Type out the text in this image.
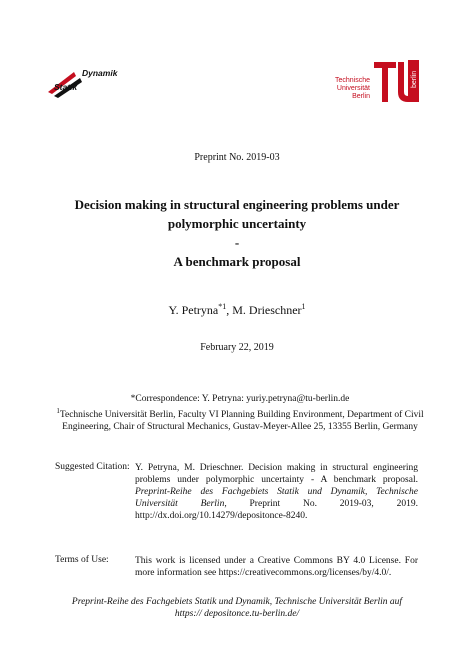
Dynamik
Statik
Technische
Universität
Berlin
berlin
Preprint No. 2019-03
Decision making in structural engineering problems under
polymorphic uncertainty
-
A benchmark proposal
Y. Petryna$^{*1}$, M. Drieschner$^1$
February 22, 2019
*Correspondence: Y. Petryna: yuriy.petryna@tu-berlin.de
$^1$Technische Universität Berlin, Faculty VI Planning Building Environment, Department of Civil Engineering, Chair of Structural Mechanics, Gustav-Meyer-Allee 25, 13355 Berlin, Germany
Suggested Citation: Y. Petryna, M. Drieschner. Decision making in structural engineering problems under polymorphic uncertainty - A benchmark proposal. Preprint-Reihe des Fachgebiets Statik und Dynamik, Technische Universität Berlin, Preprint No. 2019-03, 2019. http://dx.doi.org/10.14279/depositonce-8240.
Terms of Use:	This work is licensed under a Creative Commons BY 4.0 License. For more information see https://creativecommons.org/licenses/by/4.0/.
Preprint-Reihe des Fachgebiets Statik und Dynamik, Technische Universität Berlin auf
https:// depositonce.tu-berlin.de/
